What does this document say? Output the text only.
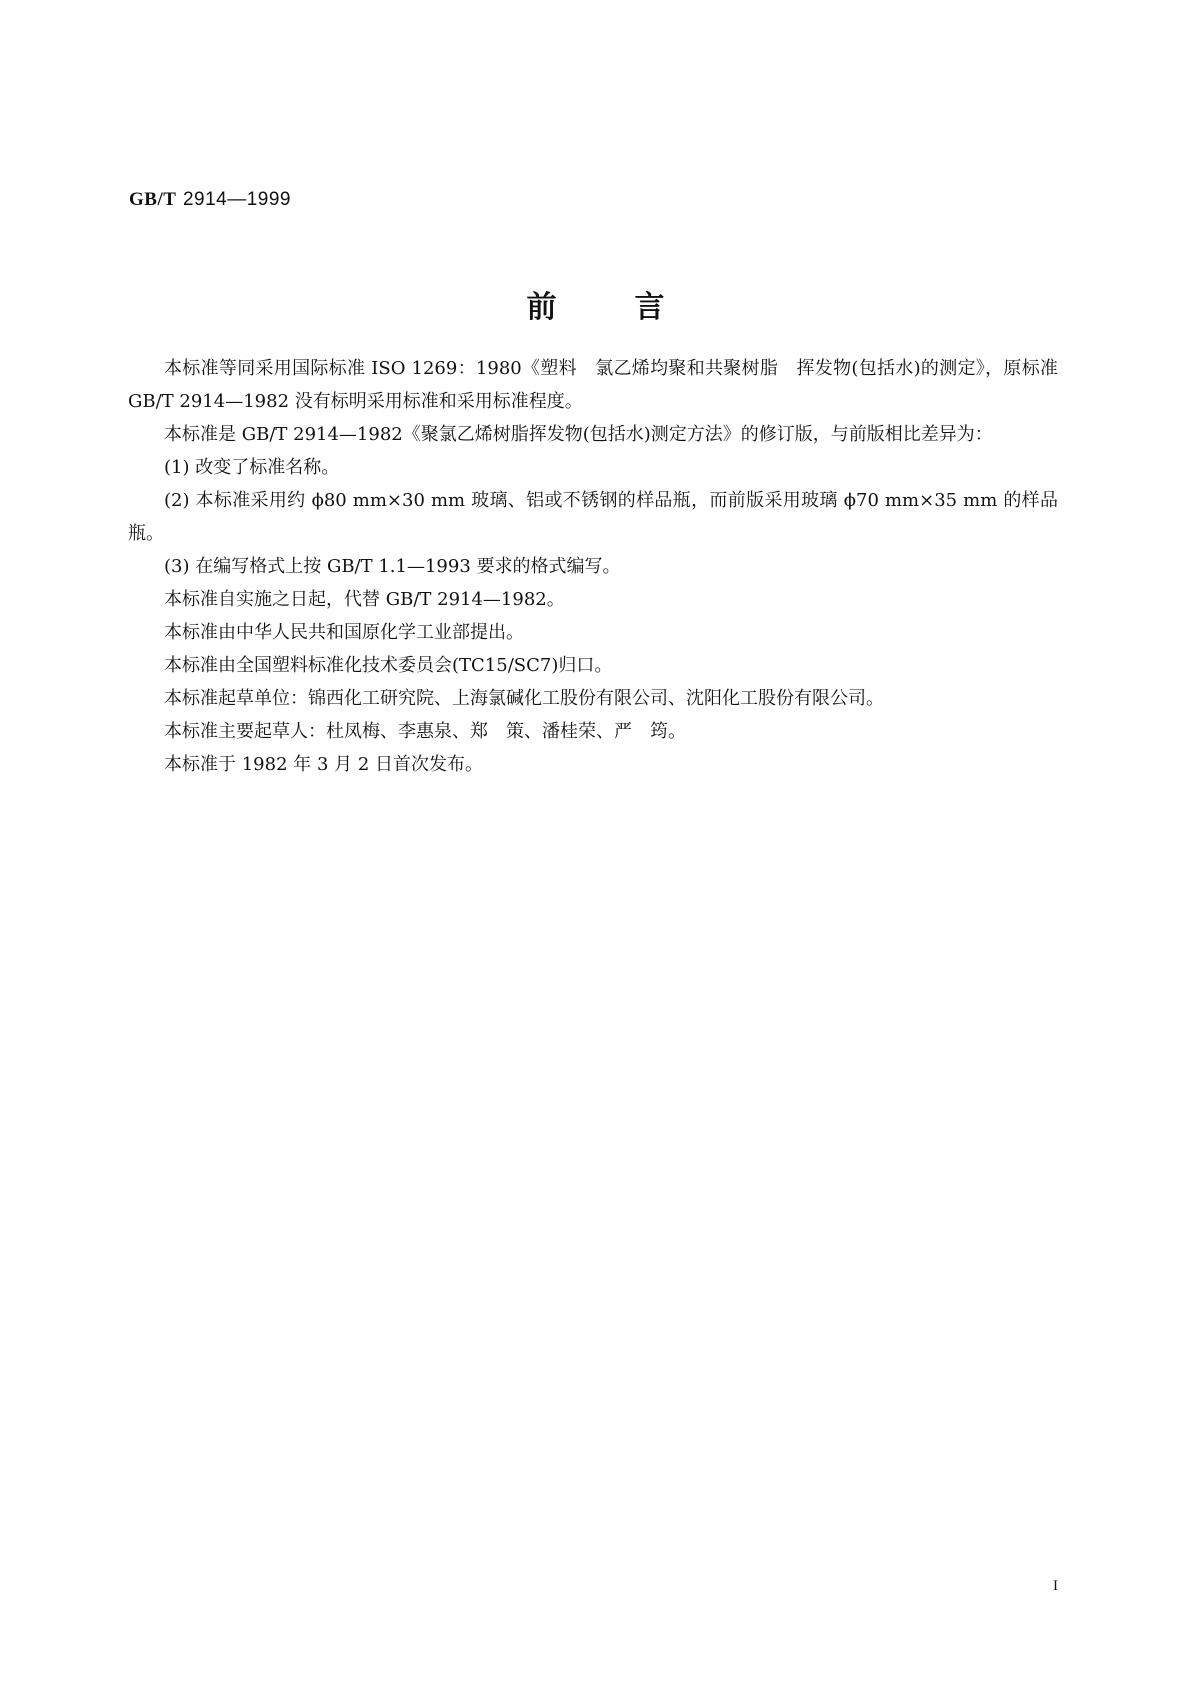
GB/T 2914—1999
前言

本标准等同采用国际标准 ISO 1269：1980《塑料　氯乙烯均聚和共聚树脂　挥发物(包括水)的测定》，原标准 GB/T 2914—1982 没有标明采用标准和采用标准程度。

本标准是 GB/T 2914—1982《聚氯乙烯树脂挥发物(包括水)测定方法》的修订版，与前版相比差异为：

(1) 改变了标准名称。

(2) 本标准采用约 ϕ80 mm×30 mm 玻璃、铝或不锈钢的样品瓶，而前版采用玻璃 ϕ70 mm×35 mm 的样品瓶。

(3) 在编写格式上按 GB/T 1.1—1993 要求的格式编写。

本标准自实施之日起，代替 GB/T 2914—1982。

本标准由中华人民共和国原化学工业部提出。

本标准由全国塑料标准化技术委员会(TC15/SC7)归口。

本标准起草单位：锦西化工研究院、上海氯碱化工股份有限公司、沈阳化工股份有限公司。

本标准主要起草人：杜凤梅、李惠泉、郑　策、潘桂荣、严　筠。

本标准于 1982 年 3 月 2 日首次发布。

I
